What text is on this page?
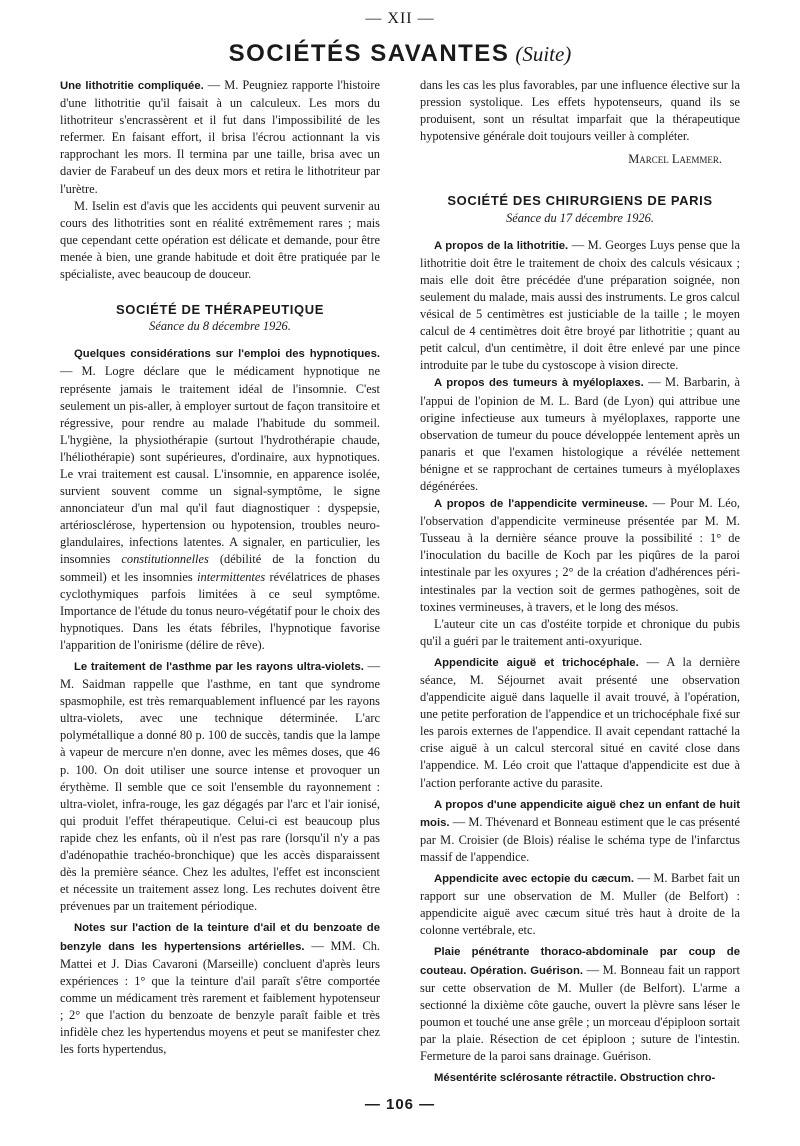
— XII —
SOCIÉTÉS SAVANTES (Suite)

Une lithotritie compliquée. — M. Peugniez rapporte l'histoire d'une lithotritie qu'il faisait à un calculeux. Les mors du lithotriteur s'encrassèrent et il fut dans l'impossibilité de les refermer. En faisant effort, il brisa l'écrou actionnant la vis rapprochant les mors. Il termina par une taille, brisa avec un davier de Farabeuf un des deux mors et retira le lithotriteur par l'urètre.

M. Iselin est d'avis que les accidents qui peuvent survenir au cours des lithotrities sont en réalité extrêmement rares ; mais que cependant cette opération est délicate et demande, pour être menée à bien, une grande habitude et doit être pratiquée par le spécialiste, avec beaucoup de douceur.

SOCIÉTÉ DE THÉRAPEUTIQUE
Séance du 8 décembre 1926.

Quelques considérations sur l'emploi des hypnotiques. — M. Logre déclare que le médicament hypnotique ne représente jamais le traitement idéal de l'insomnie. C'est seulement un pis-aller, à employer surtout de façon transitoire et régressive, pour rendre au malade l'habitude du sommeil. L'hygiène, la physiothérapie (surtout l'hydrothérapie chaude, l'héliothérapie) sont supérieures, d'ordinaire, aux hypnotiques. Le vrai traitement est causal. L'insomnie, en apparence isolée, survient souvent comme un signal-symptôme, le signe annonciateur d'un mal qu'il faut diagnostiquer : dyspepsie, artériosclérose, hypertension ou hypotension, troubles neuro-glandulaires, infections latentes. A signaler, en particulier, les insomnies constitutionnelles (débilité de la fonction du sommeil) et les insomnies intermittentes révélatrices de phases cyclothymiques parfois limitées à ce seul symptôme. Importance de l'étude du tonus neuro-végétatif pour le choix des hypnotiques. Dans les états fébriles, l'hypnotique favorise l'apparition de l'onirisme (délire de rêve).

Le traitement de l'asthme par les rayons ultra-violets. — M. Saidman rappelle que l'asthme, en tant que syndrome spasmophile, est très remarquablement influencé par les rayons ultra-violets, avec une technique déterminée. L'arc polymétallique a donné 80 p. 100 de succès, tandis que la lampe à vapeur de mercure n'en donne, avec les mêmes doses, que 46 p. 100. On doit utiliser une source intense et provoquer un érythème. Il semble que ce soit l'ensemble du rayonnement : ultra-violet, infra-rouge, les gaz dégagés par l'arc et l'air ionisé, qui produit l'effet thérapeutique. Celui-ci est beaucoup plus rapide chez les enfants, où il n'est pas rare (lorsqu'il n'y a pas d'adénopathie trachéo-bronchique) que les accès disparaissent dès la première séance. Chez les adultes, l'effet est inconscient et nécessite un traitement assez long. Les rechutes doivent être prévenues par un traitement périodique.

Notes sur l'action de la teinture d'ail et du benzoate de benzyle dans les hypertensions artérielles. — MM. Ch. Mattei et J. Dias Cavaroni (Marseille) concluent d'après leurs expériences : 1° que la teinture d'ail paraît s'être comportée comme un médicament très rarement et faiblement hypotenseur ; 2° que l'action du benzoate de benzyle paraît faible et très infidèle chez les hypertendus moyens et peut se manifester chez les forts hypertendus,

dans les cas les plus favorables, par une influence élective sur la pression systolique. Les effets hypotenseurs, quand ils se produisent, sont un résultat imparfait que la thérapeutique hypotensive générale doit toujours veiller à compléter.

Marcel Laemmer.
SOCIÉTÉ DES CHIRURGIENS DE PARIS
Séance du 17 décembre 1926.

A propos de la lithotritie. — M. Georges Luys pense que la lithotritie doit être le traitement de choix des calculs vésicaux ; mais elle doit être précédée d'une préparation soignée, non seulement du malade, mais aussi des instruments. Le gros calcul vésical de 5 centimètres est justiciable de la taille ; le moyen calcul de 4 centimètres doit être broyé par lithotritie ; quant au petit calcul, d'un centimètre, il doit être enlevé par une pince introduite par le tube du cystoscope à vision directe.

A propos des tumeurs à myéloplaxes. — M. Barbarin, à l'appui de l'opinion de M. L. Bard (de Lyon) qui attribue une origine infectieuse aux tumeurs à myéloplaxes, rapporte une observation de tumeur du pouce développée lentement après un panaris et que l'examen histologique a révélée nettement bénigne et se rapprochant de certaines tumeurs à myéloplaxes dégénérées.

A propos de l'appendicite vermineuse. — Pour M. Léo, l'observation d'appendicite vermineuse présentée par M. M. Tusseau à la dernière séance prouve la possibilité : 1° de l'inoculation du bacille de Koch par les piqûres de la paroi intestinale par les oxyures ; 2° de la création d'adhérences péri-intestinales par la vection soit de germes pathogènes, soit de toxines vermineuses, à travers, et le long des mésos.

L'auteur cite un cas d'ostéite torpide et chronique du pubis qu'il a guéri par le traitement anti-oxyurique.

Appendicite aiguë et trichocéphale. — A la dernière séance, M. Séjournet avait présenté une observation d'appendicite aiguë dans laquelle il avait trouvé, à l'opération, une petite perforation de l'appendice et un trichocéphale fixé sur les parois externes de l'appendice. Il avait cependant rattaché la crise aiguë à un calcul stercoral situé en cavité close dans l'appendice. M. Léo croit que l'attaque d'appendicite est due à l'action perforante active du parasite.

A propos d'une appendicite aiguë chez un enfant de huit mois. — M. Thévenard et Bonneau estiment que le cas présenté par M. Croisier (de Blois) réalise le schéma type de l'infarctus massif de l'appendice.

Appendicite avec ectopie du cæcum. — M. Barbet fait un rapport sur une observation de M. Muller (de Belfort) : appendicite aiguë avec cæcum situé très haut à droite de la colonne vertébrale, etc.

Plaie pénétrante thoraco-abdominale par coup de couteau. Opération. Guérison. — M. Bonneau fait un rapport sur cette observation de M. Muller (de Belfort). L'arme a sectionné la dixième côte gauche, ouvert la plèvre sans léser le poumon et touché une anse grêle ; un morceau d'épiploon sortait par la plaie. Résection de cet épiploon ; suture de l'intestin. Fermeture de la paroi sans drainage. Guérison.

Mésentérite sclérosante rétractile. Obstruction chro-

— 106 —
